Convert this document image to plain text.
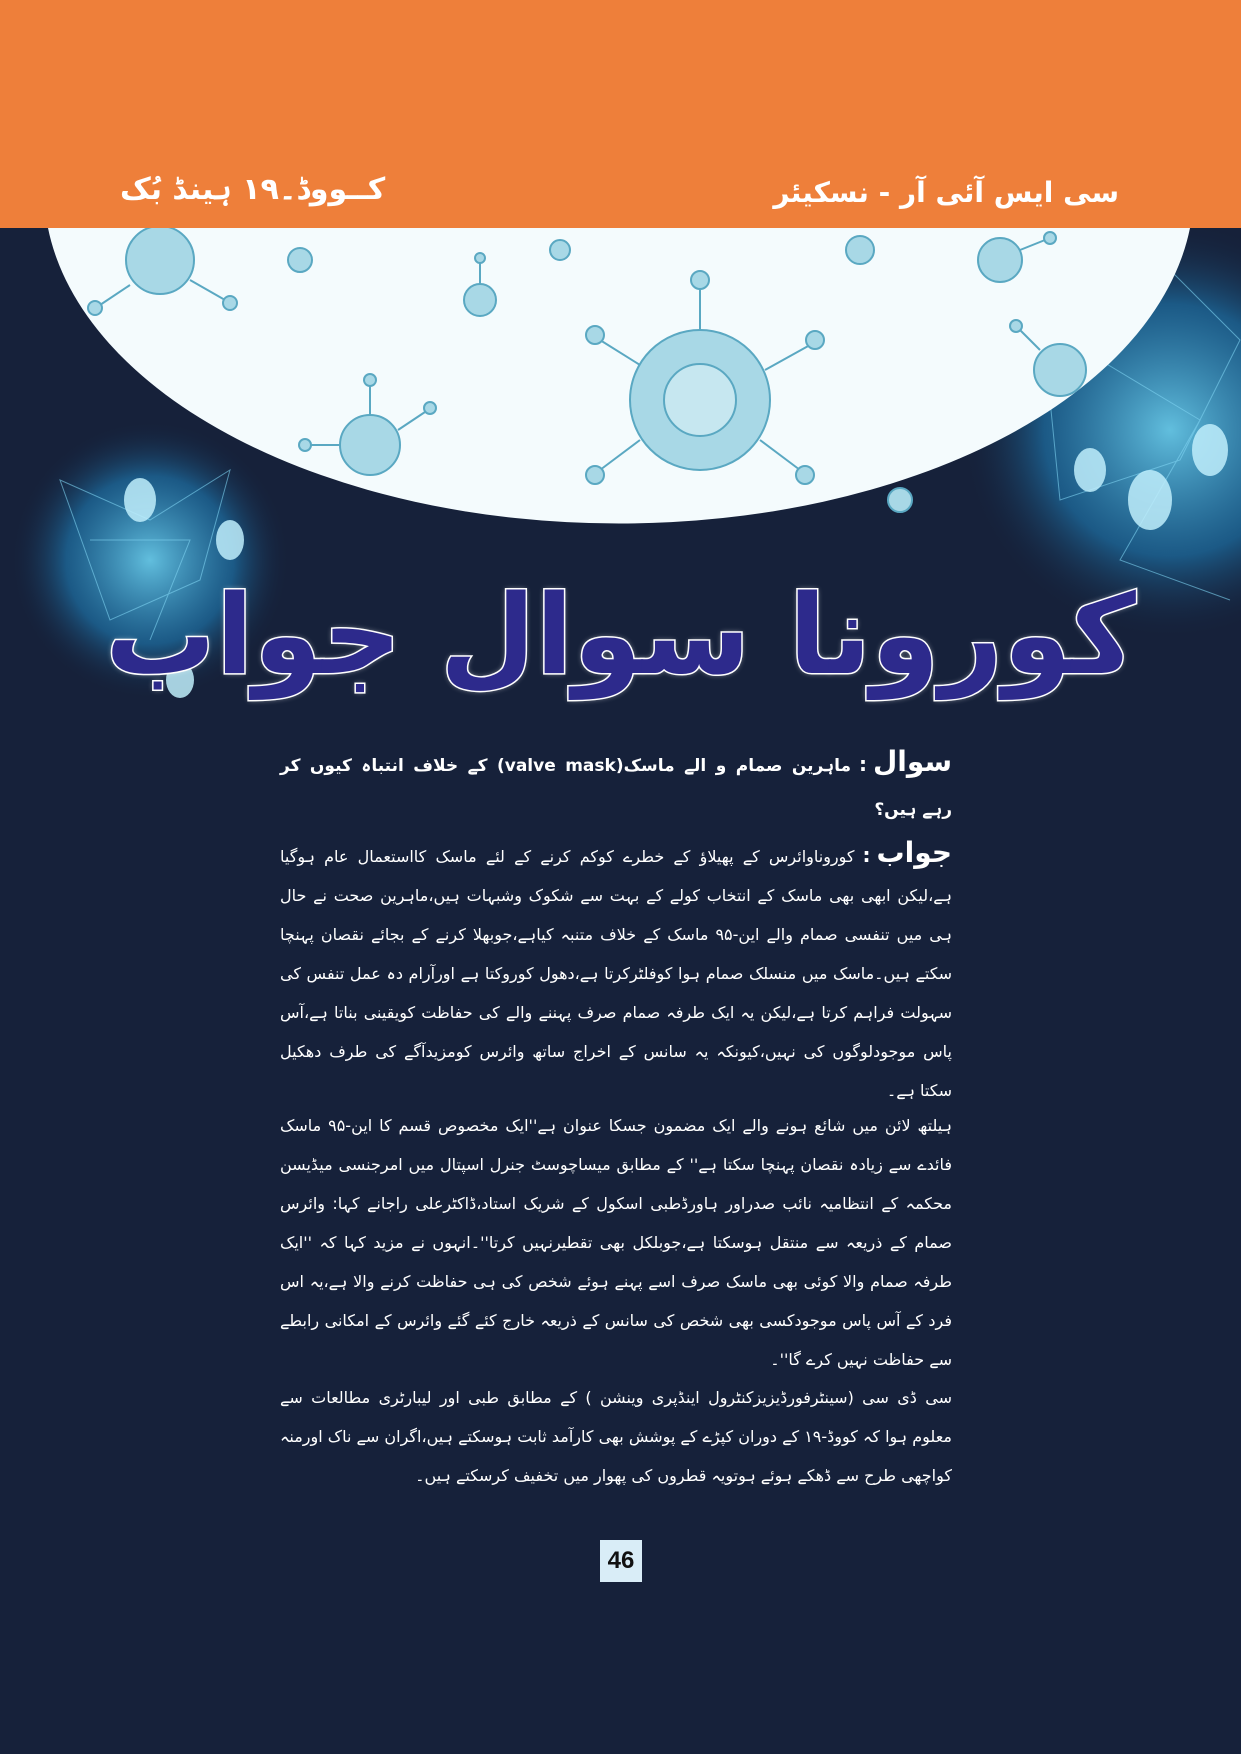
کــووڈ۔۱۹ ہینڈ بُک	سی ایس آئی آر - نسکیئر
کورونا سوال جواب
سوال:ماہرین صمام و الے ماسک(valve mask) کے خلاف انتباہ کیوں کر رہے ہیں؟
جواب:کوروناوائرس کے پھیلاؤ کے خطرے کوکم کرنے کے لئے ماسک کااستعمال عام ہوگیا ہے،لیکن ابھی بھی ماسک کے انتخاب کولے کے بہت سے شکوک وشبہات ہیں،ماہرین صحت نے حال ہی میں تنفسی صمام والے این-۹۵ ماسک کے خلاف متنبہ کیاہے،جوبھلا کرنے کے بجائے نقصان پہنچا سکتے ہیں۔ماسک میں منسلک صمام ہوا کوفلٹرکرتا ہے،دھول کوروکتا ہے اورآرام دہ عمل تنفس کی سہولت فراہم کرتا ہے،لیکن یہ ایک طرفہ صمام صرف پہننے والے کی حفاظت کویقینی بناتا ہے،آس پاس موجودلوگوں کی نہیں،کیونکہ یہ سانس کے اخراج ساتھ وائرس کومزیدآگے کی طرف دھکیل سکتا ہے۔
ہیلتھ لائن میں شائع ہونے والے ایک مضمون جسکا عنوان ہے''ایک مخصوص قسم کا این-۹۵ ماسک فائدے سے زیادہ نقصان پہنچا سکتا ہے'' کے مطابق میساچوسٹ جنرل اسپتال میں امرجنسی میڈیسن محکمہ کے انتظامیہ نائب صدراور ہاورڈطبی اسکول کے شریک استاد،ڈاکٹرعلی راجانے کہا: وائرس صمام کے ذریعہ سے منتقل ہوسکتا ہے،جوبلکل بھی تقطیرنہیں کرتا''۔انہوں نے مزید کہا کہ ''ایک طرفہ صمام والا کوئی بھی ماسک صرف اسے پہنے ہوئے شخص کی ہی حفاظت کرنے والا ہے،یہ اس فرد کے آس پاس موجودکسی بھی شخص کی سانس کے ذریعہ خارج کئے گئے وائرس کے امکانی رابطے سے حفاظت نہیں کرے گا''۔
سی ڈی سی (سینٹرفورڈیزیزکنٹرول اینڈپری وینشن ) کے مطابق طبی اور لیبارٹری مطالعات سے معلوم ہوا کہ کووڈ-۱۹ کے دوران کپڑے کے پوشش بھی کارآمد ثابت ہوسکتے ہیں،اگران سے ناک اورمنہ کواچھی طرح سے ڈھکے ہوئے ہوتویہ قطروں کی پھوار میں تخفیف کرسکتے ہیں۔
46
